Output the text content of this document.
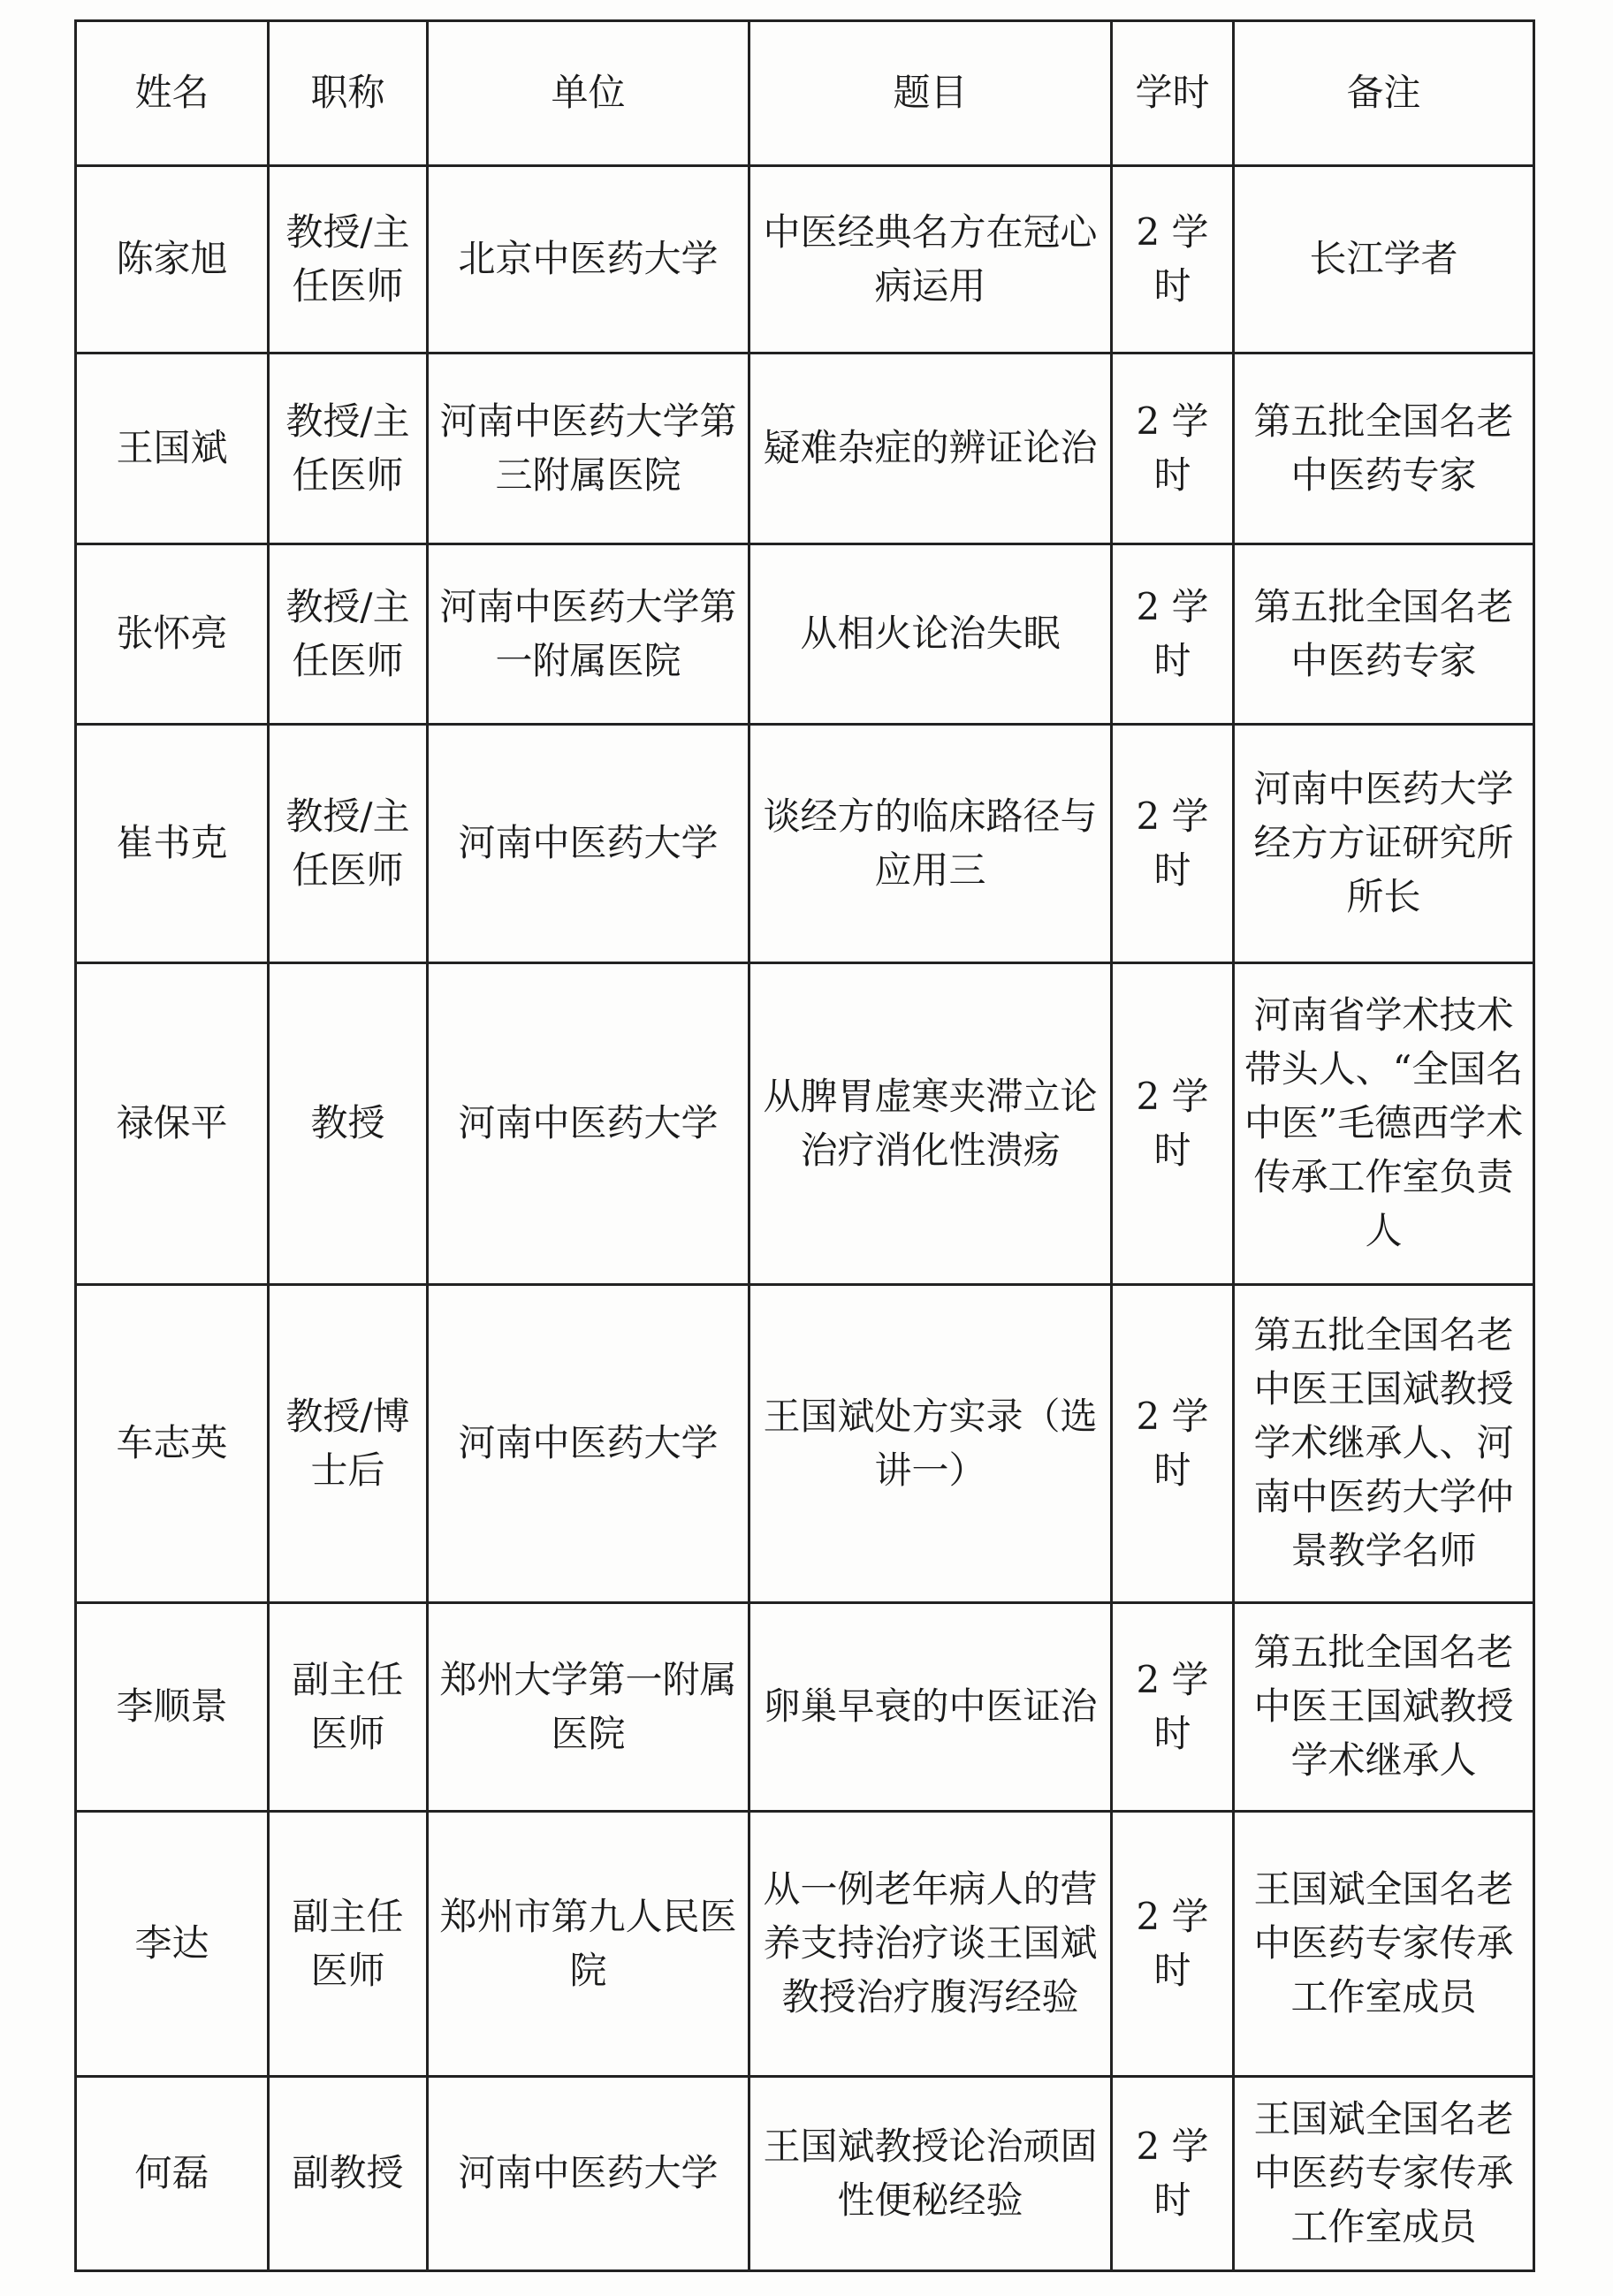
姓名	职称	单位	题目	学时	备注
陈家旭	教授/主任医师	北京中医药大学	中医经典名方在冠心病运用	2 学时	长江学者
王国斌	教授/主任医师	河南中医药大学第三附属医院	疑难杂症的辨证论治	2 学时	第五批全国名老中医药专家
张怀亮	教授/主任医师	河南中医药大学第一附属医院	从相火论治失眠	2 学时	第五批全国名老中医药专家
崔书克	教授/主任医师	河南中医药大学	谈经方的临床路径与应用三	2 学时	河南中医药大学经方方证研究所所长
禄保平	教授	河南中医药大学	从脾胃虚寒夹滞立论治疗消化性溃疡	2 学时	河南省学术技术带头人、“全国名中医”毛德西学术传承工作室负责人
车志英	教授/博士后	河南中医药大学	王国斌处方实录（选讲一）	2 学时	第五批全国名老中医王国斌教授学术继承人、河南中医药大学仲景教学名师
李顺景	副主任医师	郑州大学第一附属医院	卵巢早衰的中医证治	2 学时	第五批全国名老中医王国斌教授学术继承人
李达	副主任医师	郑州市第九人民医院	从一例老年病人的营养支持治疗谈王国斌教授治疗腹泻经验	2 学时	王国斌全国名老中医药专家传承工作室成员
何磊	副教授	河南中医药大学	王国斌教授论治顽固性便秘经验	2 学时	王国斌全国名老中医药专家传承工作室成员
